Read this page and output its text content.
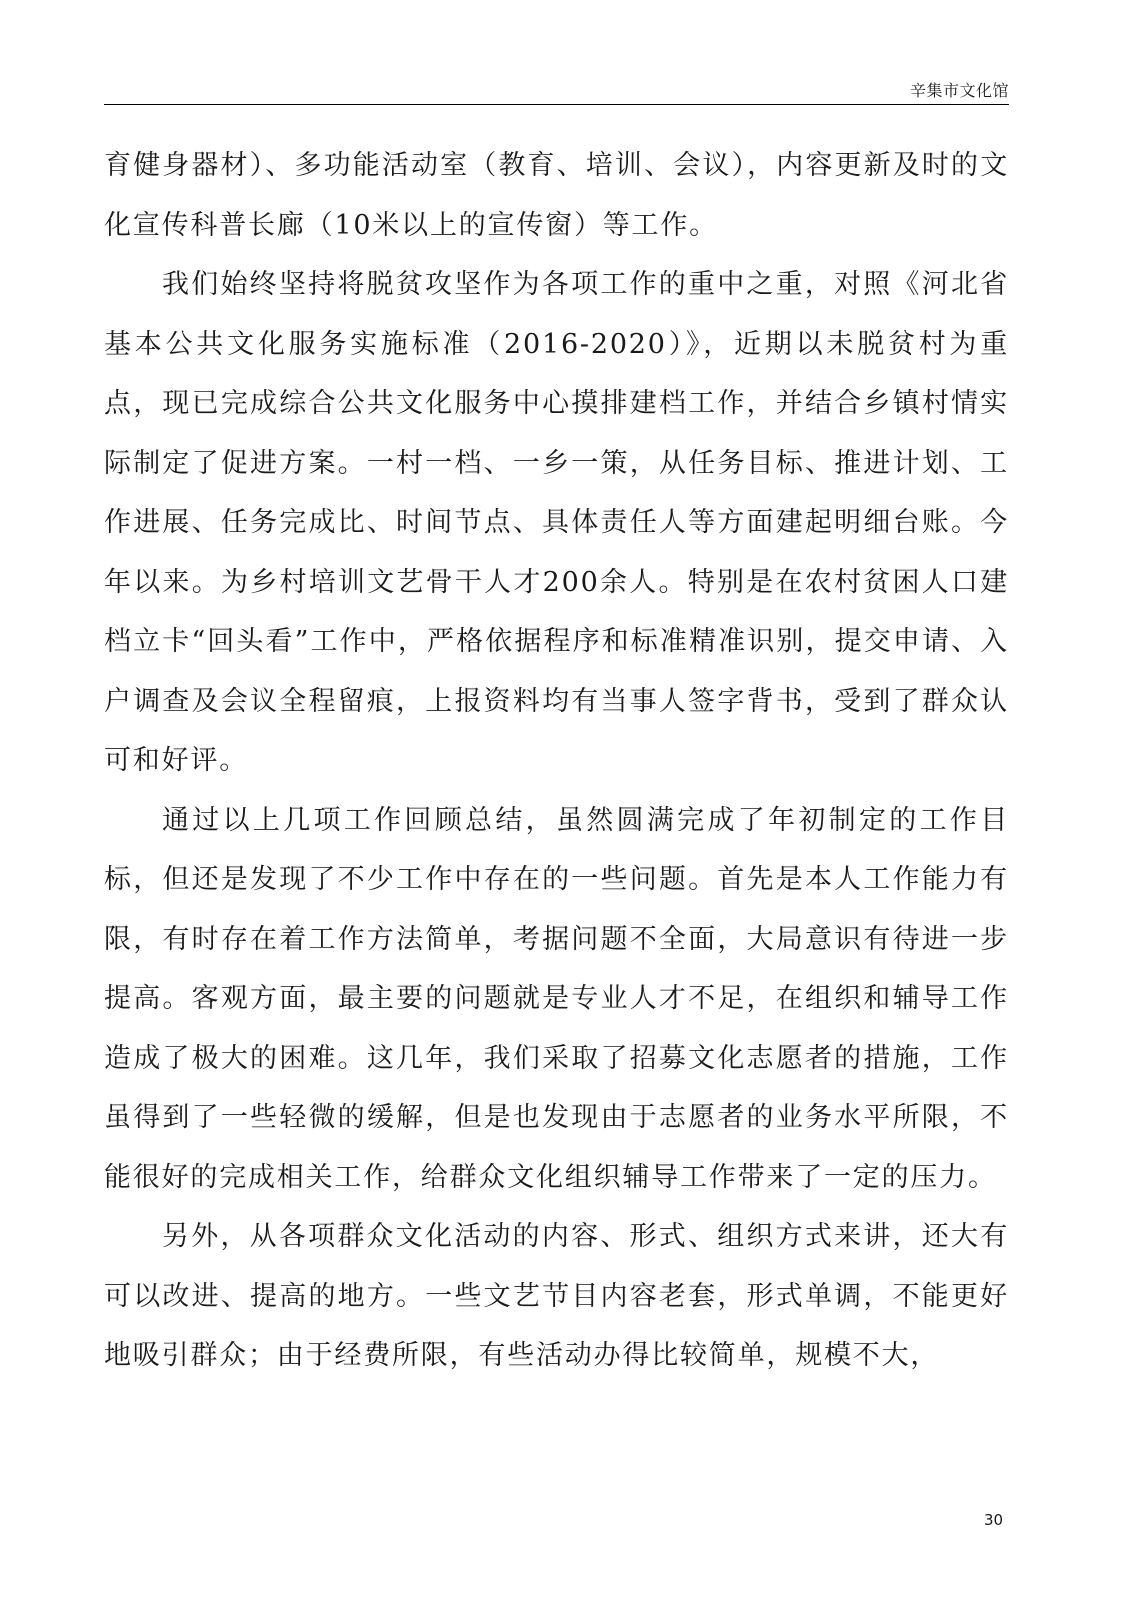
辛集市文化馆

育健身器材）、多功能活动室（教育、培训、会议），内容更新及时的文化宣传科普长廊（10米以上的宣传窗）等工作。

我们始终坚持将脱贫攻坚作为各项工作的重中之重，对照《河北省基本公共文化服务实施标准（2016-2020）》，近期以未脱贫村为重点，现已完成综合公共文化服务中心摸排建档工作，并结合乡镇村情实际制定了促进方案。一村一档、一乡一策，从任务目标、推进计划、工作进展、任务完成比、时间节点、具体责任人等方面建起明细台账。今年以来。为乡村培训文艺骨干人才200余人。特别是在农村贫困人口建档立卡“回头看”工作中，严格依据程序和标准精准识别，提交申请、入户调查及会议全程留痕，上报资料均有当事人签字背书，受到了群众认可和好评。

通过以上几项工作回顾总结，虽然圆满完成了年初制定的工作目标，但还是发现了不少工作中存在的一些问题。首先是本人工作能力有限，有时存在着工作方法简单，考据问题不全面，大局意识有待进一步提高。客观方面，最主要的问题就是专业人才不足，在组织和辅导工作造成了极大的困难。这几年，我们采取了招募文化志愿者的措施，工作虽得到了一些轻微的缓解，但是也发现由于志愿者的业务水平所限，不能很好的完成相关工作，给群众文化组织辅导工作带来了一定的压力。

另外，从各项群众文化活动的内容、形式、组织方式来讲，还大有可以改进、提高的地方。一些文艺节目内容老套，形式单调，不能更好地吸引群众；由于经费所限，有些活动办得比较简单，规模不大，

30
